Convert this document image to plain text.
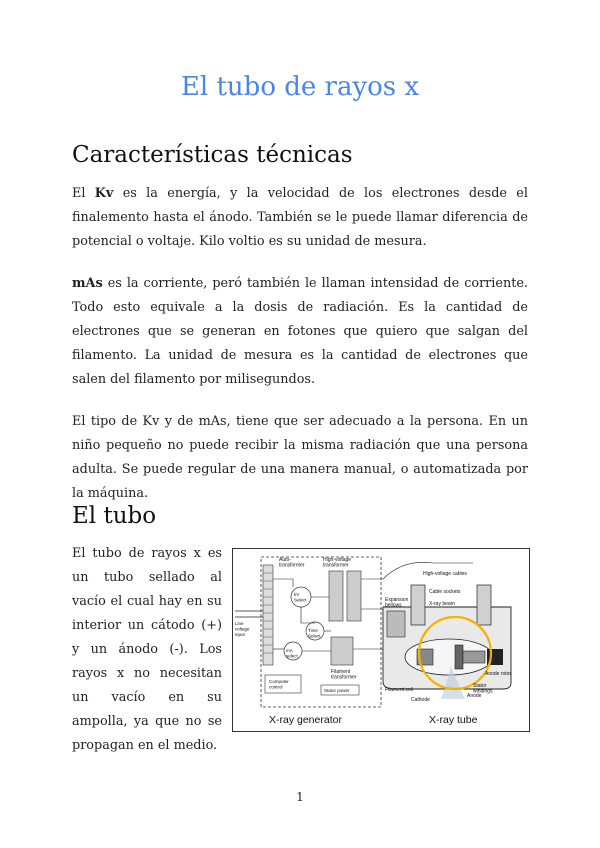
El tubo de rayos x
Características técnicas

El Kv es la energía, y la velocidad de los electrones desde el finalemento hasta el ánodo. También se le puede llamar diferencia de potencial o voltaje. Kilo voltio es su unidad de mesura.

mAs es la corriente, peró también le llaman intensidad de corriente. Todo esto equivale a la dosis de radiación. Es la cantidad de electrones que se generan en fotones que quiero que salgan del filamento. La unidad de mesura es la cantidad de electrones que salen del filamento por milisegundos.

El tipo de Kv y de mAs, tiene que ser adecuado a la persona. En un niño pequeño no puede recibir la misma radiación que una persona adulta. Se puede regular de una manera manual, o automatizada por la máquina.

El tubo

El tubo de rayos x es un tubo sellado al vacío el cual hay en su interior un cátodo (+) y un ánodo (-). Los rayos x no necesitan un vacío en su ampolla, ya que no se propagan en el medio.

Auto-transformer
High-voltage transformer
kV Select
Time Select
mA select
Filament transformer
Line voltage input
Computer control
Stator power
High-voltage cables
Expansion bellows
Cable sockets
X-ray beam
Filament coil
Cathode
Anode
Stator windings
Anode rotor
X-ray generator	X-ray tube
1
